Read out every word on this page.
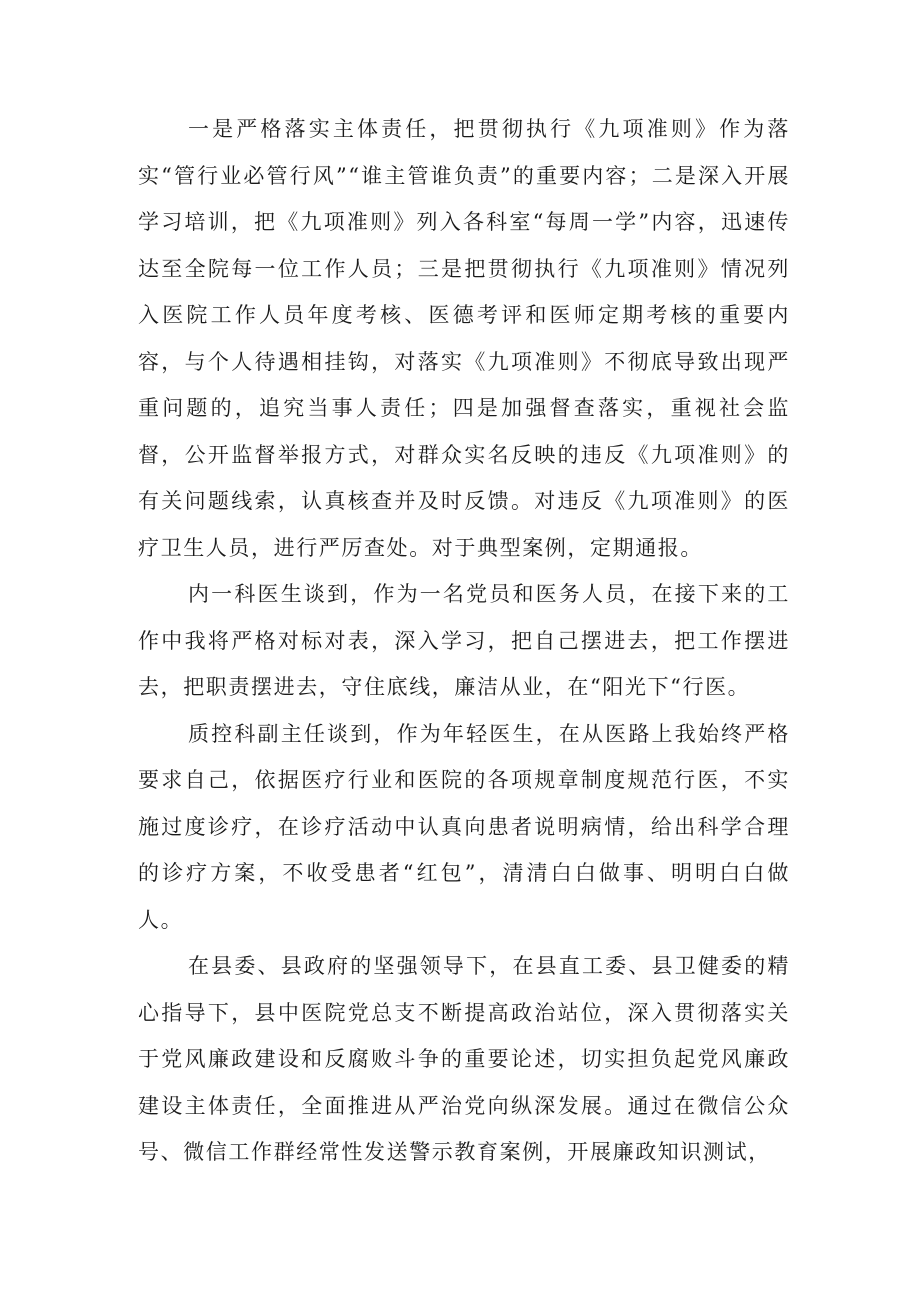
一是严格落实主体责任，把贯彻执行《九项准则》作为落实“管行业必管行风”“谁主管谁负责”的重要内容；二是深入开展学习培训，把《九项准则》列入各科室“每周一学”内容，迅速传达至全院每一位工作人员；三是把贯彻执行《九项准则》情况列入医院工作人员年度考核、医德考评和医师定期考核的重要内容，与个人待遇相挂钩，对落实《九项准则》不彻底导致出现严重问题的，追究当事人责任；四是加强督查落实，重视社会监督，公开监督举报方式，对群众实名反映的违反《九项准则》的有关问题线索，认真核查并及时反馈。对违反《九项准则》的医疗卫生人员，进行严厉查处。对于典型案例，定期通报。

内一科医生谈到，作为一名党员和医务人员，在接下来的工作中我将严格对标对表，深入学习，把自己摆进去，把工作摆进去，把职责摆进去，守住底线，廉洁从业，在“阳光下“行医。

质控科副主任谈到，作为年轻医生，在从医路上我始终严格要求自己，依据医疗行业和医院的各项规章制度规范行医，不实施过度诊疗，在诊疗活动中认真向患者说明病情，给出科学合理的诊疗方案，不收受患者“红包”，清清白白做事、明明白白做人。

在县委、县政府的坚强领导下，在县直工委、县卫健委的精心指导下，县中医院党总支不断提高政治站位，深入贯彻落实关于党风廉政建设和反腐败斗争的重要论述，切实担负起党风廉政建设主体责任，全面推进从严治党向纵深发展。通过在微信公众号、微信工作群经常性发送警示教育案例，开展廉政知识测试，
